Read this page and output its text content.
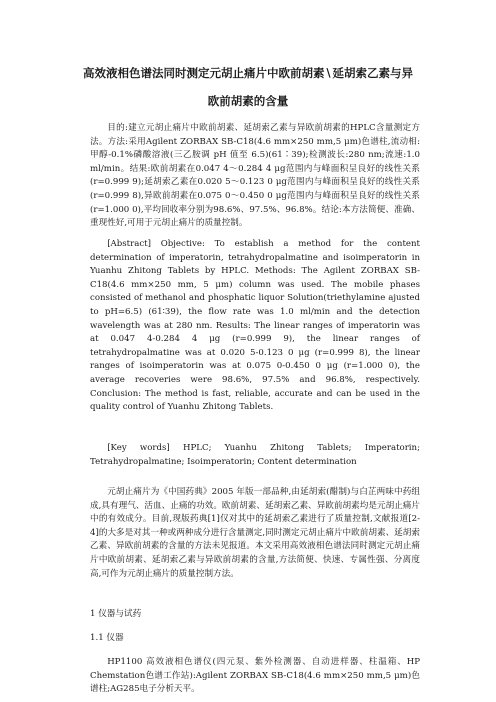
高效液相色谱法同时测定元胡止痛片中欧前胡素∖延胡索乙素与异
欧前胡素的含量
目的:建立元胡止痛片中欧前胡素、延胡索乙素与异欧前胡素的HPLC含量测定方法。方法:采用Agilent ZORBAX SB-C18(4.6 mm×250 mm,5 μm)色谱柱,流动相:甲醇-0.1%磷酸溶液(三乙胺调 pH 值至 6.5)(61∶39);检测波长:280 nm;流速:1.0 ml/min。结果:欧前胡素在0.047 4～0.284 4 μg范围内与峰面积呈良好的线性关系(r=0.999 9);延胡索乙素在0.020 5～0.123 0 μg范围内与峰面积呈良好的线性关系(r=0.999 8),异欧前胡素在0.075 0～0.450 0 μg范围内与峰面积呈良好的线性关系(r=1.000 0),平均回收率分别为98.6%、97.5%、96.8%。结论:本方法简便、准确、重现性好,可用于元胡止痛片的质量控制。
[Abstract] Objective: To establish a method for the content determination of imperatorin, tetrahydropalmatine and isoimperatorin in Yuanhu Zhitong Tablets by HPLC. Methods: The Agilent ZORBAX SB-C18(4.6 mm×250 mm, 5 μm) column was used. The mobile phases consisted of methanol and phosphatic liquor Solution(triethylamine ajusted to pH=6.5) (61∶39), the flow rate was 1.0 ml/min and the detection wavelength was at 280 nm. Results: The linear ranges of imperatorin was at 0.047 4-0.284 4 μg (r=0.999 9), the linear ranges of tetrahydropalmatine was at 0.020 5-0.123 0 μg (r=0.999 8), the linear ranges of isoimperatorin was at 0.075 0-0.450 0 μg (r=1.000 0), the average recoveries were 98.6%, 97.5% and 96.8%, respectively. Conclusion: The method is fast, reliable, accurate and can be used in the quality control of Yuanhu Zhitong Tablets.
[Key words] HPLC; Yuanhu Zhitong Tablets; Imperatorin; Tetrahydropalmatine; Isoimperatorin; Content determination
元胡止痛片为《中国药典》2005 年版一部品种,由延胡索(醋制)与白芷两味中药组成,具有理气、活血、止痛的功效。欧前胡素、延胡索乙素、异欧前胡素均是元胡止痛片中的有效成分。目前,现版药典[1]仅对其中的延胡索乙素进行了质量控制,文献报道[2-4]的大多是对其一种或两种成分进行含量测定,同时测定元胡止痛片中欧前胡素、延胡索乙素、异欧前胡素的含量的方法未见报道。本文采用高效液相色谱法同时测定元胡止痛片中欧前胡素、延胡索乙素与异欧前胡素的含量,方法简便、快速、专属性强、分离度高,可作为元胡止痛片的质量控制方法。
1 仪器与试药
1.1 仪器
HP1100 高效液相色谱仪(四元泵、紫外检测器、自动进样器、柱温箱、HP Chemstation色谱工作站):Agilent ZORBAX SB-C18(4.6 mm×250 mm,5 μm)色谱柱;AG285电子分析天平。
